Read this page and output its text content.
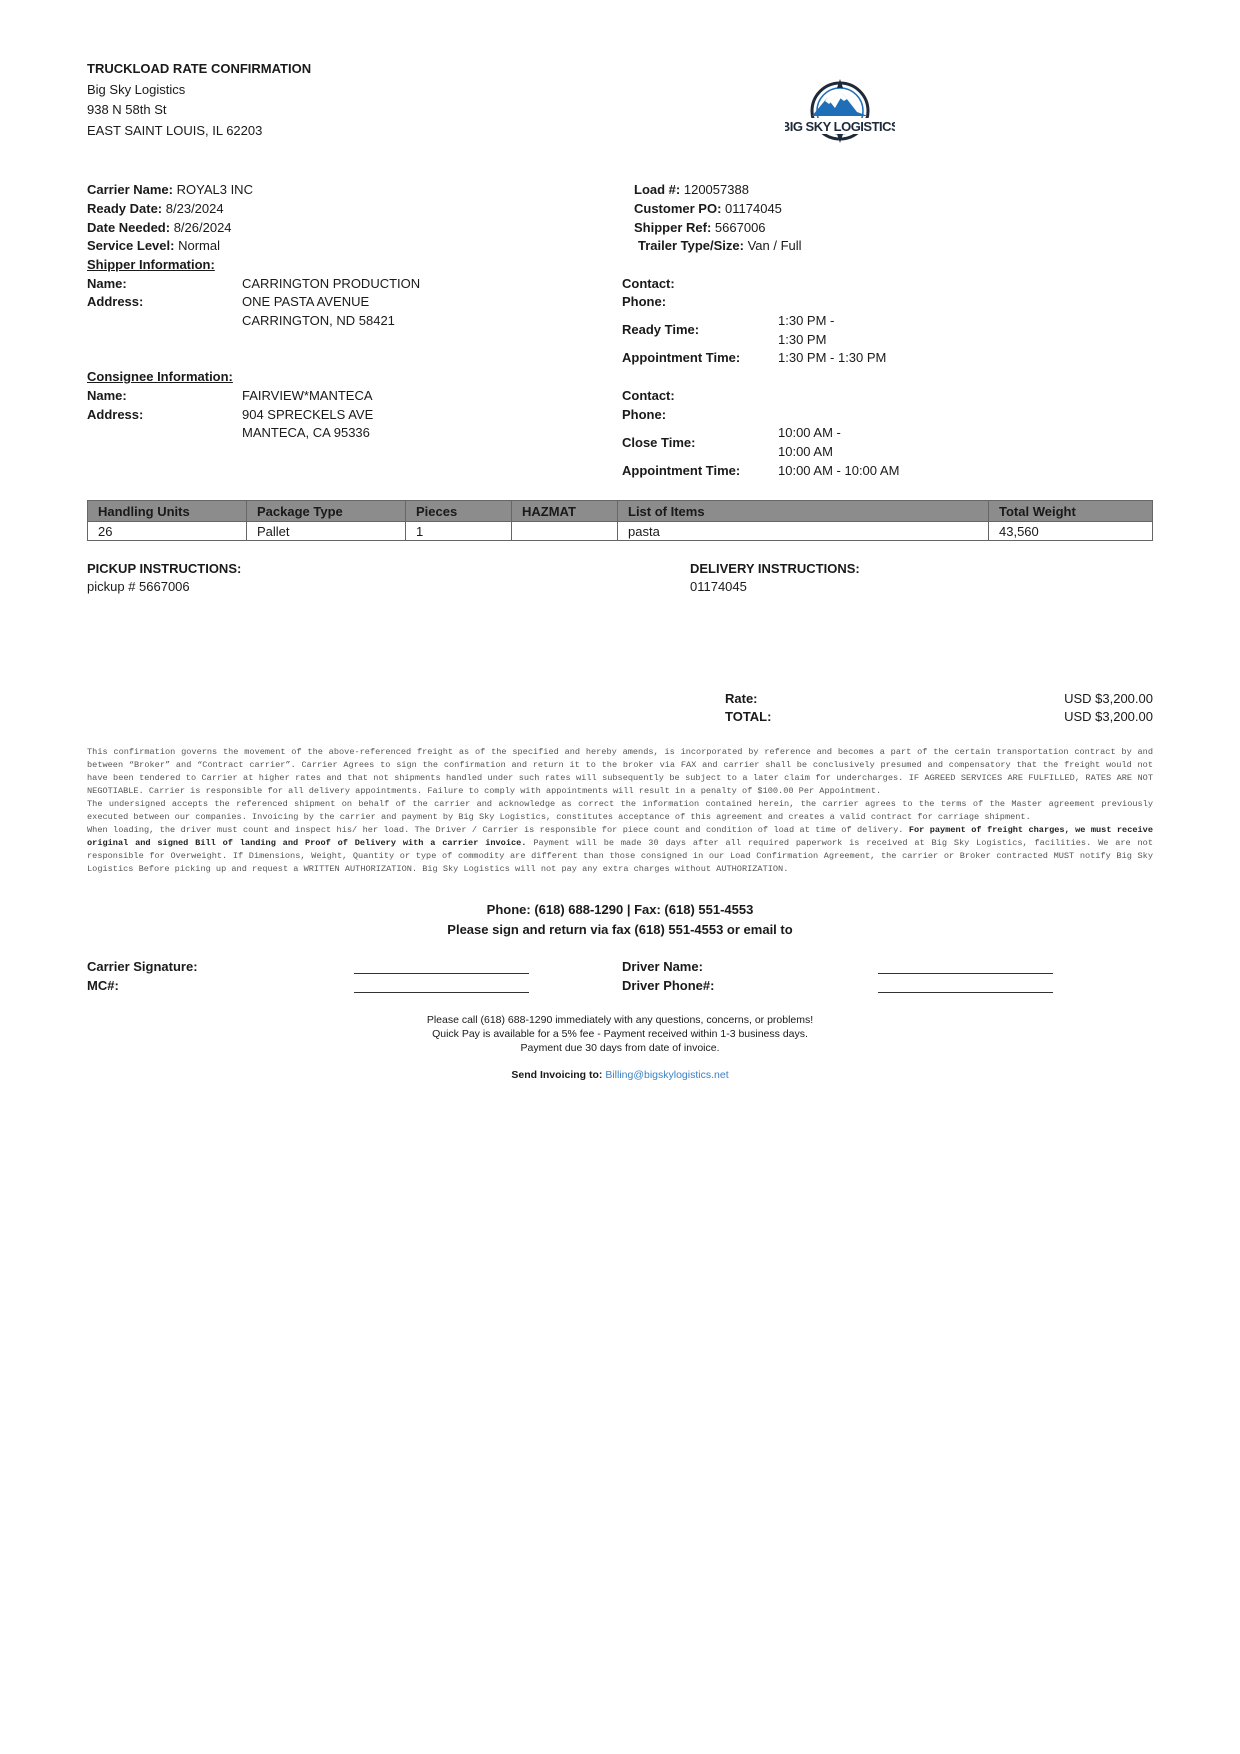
TRUCKLOAD RATE CONFIRMATION
Big Sky Logistics
938 N 58th St
EAST SAINT LOUIS, IL 62203	BIG SKY LOGISTICS
Carrier Name: ROYAL3 INC
Ready Date: 8/23/2024
Date Needed: 8/26/2024
Service Level: Normal
Load #: 120057388
Customer PO: 01174045
Shipper Ref: 5667006
Trailer Type/Size: Van / Full
Shipper Information:
Name:	CARRINGTON PRODUCTION
Address:	ONE PASTA AVENUE
CARRINGTON, ND 58421
Contact:
Phone:
Ready Time:
1:30 PM -
1:30 PM
Appointment Time:	1:30 PM - 1:30 PM
Consignee Information:
Name:	FAIRVIEW*MANTECA
Address:	904 SPRECKELS AVE
MANTECA, CA 95336
Contact:
Phone:
Close Time:
10:00 AM -
10:00 AM
Appointment Time:	10:00 AM - 10:00 AM
Handling Units	Package Type	Pieces	HAZMAT	List of Items	Total Weight
26	Pallet	1		pasta	43,560
PICKUP INSTRUCTIONS:
pickup # 5667006
DELIVERY INSTRUCTIONS:
01174045
Rate:	USD $3,200.00
TOTAL:	USD $3,200.00

This confirmation governs the movement of the above-referenced freight as of the specified and hereby amends, is incorporated by reference and becomes a part of the certain transportation contract by and between “Broker” and “Contract carrier”. Carrier Agrees to sign the confirmation and return it to the broker via FAX and carrier shall be conclusively presumed and compensatory that the freight would not have been tendered to Carrier at higher rates and that not shipments handled under such rates will subsequently be subject to a later claim for undercharges. IF AGREED SERVICES ARE FULFILLED, RATES ARE NOT NEGOTIABLE. Carrier is responsible for all delivery appointments. Failure to comply with appointments will result in a penalty of $100.00 Per Appointment.

The undersigned accepts the referenced shipment on behalf of the carrier and acknowledge as correct the information contained herein, the carrier agrees to the terms of the Master agreement previously executed between our companies. Invoicing by the carrier and payment by Big Sky Logistics, constitutes acceptance of this agreement and creates a valid contract for carriage shipment.

When loading, the driver must count and inspect his/ her load. The Driver / Carrier is responsible for piece count and condition of load at time of delivery. For payment of freight charges, we must receive original and signed Bill of landing and Proof of Delivery with a carrier invoice. Payment will be made 30 days after all required paperwork is received at Big Sky Logistics, facilities. We are not responsible for Overweight. If Dimensions, Weight, Quantity or type of commodity are different than those consigned in our Load Confirmation Agreement, the carrier or Broker contracted MUST notify Big Sky Logistics Before picking up and request a WRITTEN AUTHORIZATION. Big Sky Logistics will not pay any extra charges without AUTHORIZATION.

Phone: (618) 688-1290 | Fax: (618) 551-4553
Please sign and return via fax (618) 551-4553 or email to
Carrier Signature:
MC#:
Driver Name:
Driver Phone#:
Please call (618) 688-1290 immediately with any questions, concerns, or problems!
Quick Pay is available for a 5% fee - Payment received within 1-3 business days.
Payment due 30 days from date of invoice.
Send Invoicing to: Billing@bigskylogistics.net
